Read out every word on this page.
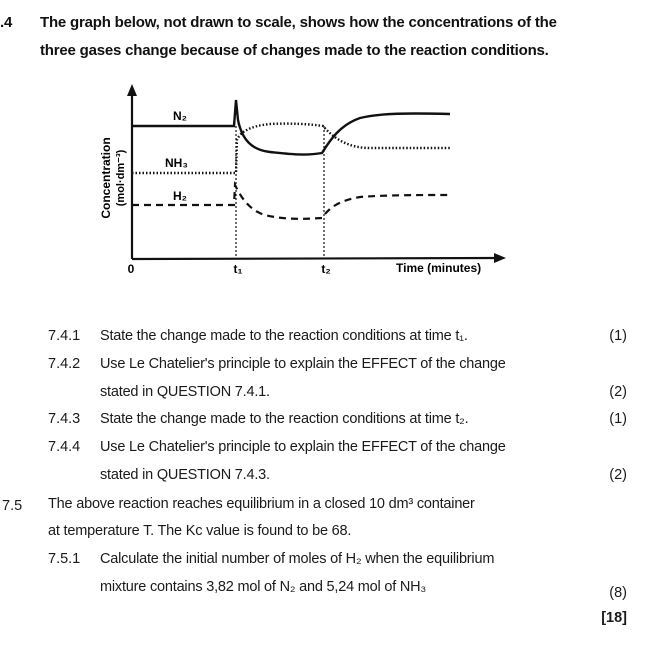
.4 The graph below, not drawn to scale, shows how the concentrations of the
three gases change because of changes made to the reaction conditions.
N₂
NH₃
H₂
0	t₁	t₂	Time (minutes)
Concentration (mol·dm⁻³)
7.4.1 State the change made to the reaction conditions at time t₁.	(1)
7.4.2 Use Le Chatelier's principle to explain the EFFECT of the change
stated in QUESTION 7.4.1.	(2)
7.4.3 State the change made to the reaction conditions at time t₂.	(1)
7.4.4 Use Le Chatelier's principle to explain the EFFECT of the change
stated in QUESTION 7.4.3.	(2)
7.5 The above reaction reaches equilibrium in a closed 10 dm³ container
at temperature T. The Kc value is found to be 68.
7.5.1 Calculate the initial number of moles of H₂ when the equilibrium
mixture contains 3,82 mol of N₂ and 5,24 mol of NH₃	(8)
[18]
